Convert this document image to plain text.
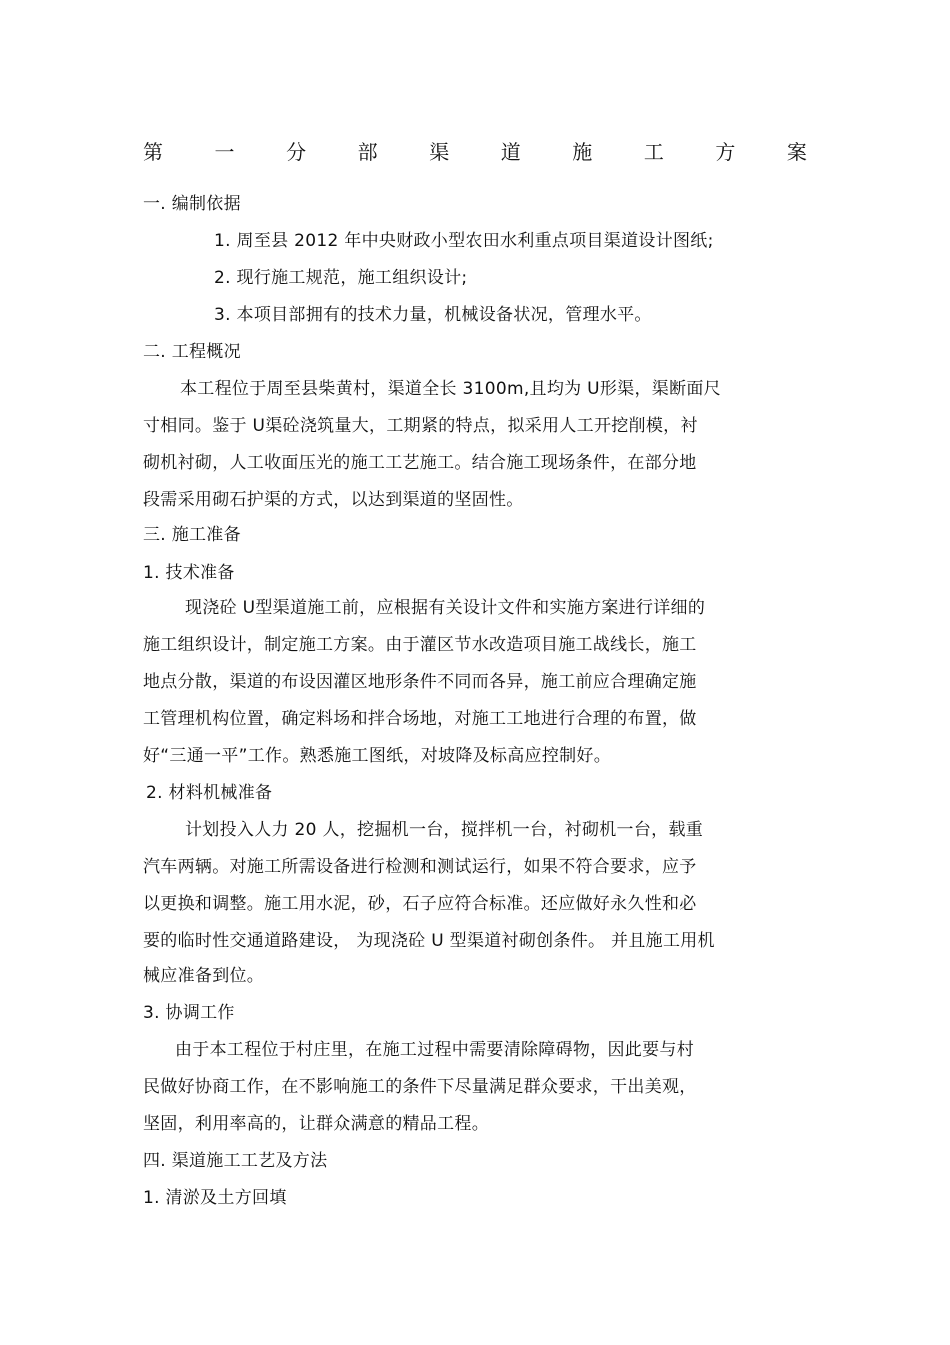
第	一	分	部	渠	道	施	工	方	案
一. 编制依据
1. 周至县 2012 年中央财政小型农田水利重点项目渠道设计图纸;
2. 现行施工规范，施工组织设计;
3. 本项目部拥有的技术力量，机械设备状况，管理水平。
二. 工程概况
本工程位于周至县柴黄村，渠道全长 3100m,且均为 U形渠，渠断面尺
寸相同。鉴于 U渠砼浇筑量大，工期紧的特点，拟采用人工开挖削模，衬
砌机衬砌，人工收面压光的施工工艺施工。结合施工现场条件，在部分地
段需采用砌石护渠的方式，以达到渠道的坚固性。
三. 施工准备
1. 技术准备
现浇砼 U型渠道施工前，应根据有关设计文件和实施方案进行详细的
施工组织设计，制定施工方案。由于灌区节水改造项目施工战线长，施工
地点分散，渠道的布设因灌区地形条件不同而各异，施工前应合理确定施
工管理机构位置，确定料场和拌合场地，对施工工地进行合理的布置，做
好“三通一平”工作。熟悉施工图纸，对坡降及标高应控制好。
2. 材料机械准备
计划投入人力 20 人，挖掘机一台，搅拌机一台，衬砌机一台，载重
汽车两辆。对施工所需设备进行检测和测试运行，如果不符合要求，应予
以更换和调整。施工用水泥，砂，石子应符合标准。还应做好永久性和必
要的临时性交通道路建设， 为现浇砼 U 型渠道衬砌创条件。 并且施工用机
械应准备到位。
3. 协调工作
由于本工程位于村庄里，在施工过程中需要清除障碍物，因此要与村
民做好协商工作，在不影响施工的条件下尽量满足群众要求，干出美观，
坚固，利用率高的，让群众满意的精品工程。
四. 渠道施工工艺及方法
1. 清淤及土方回填
